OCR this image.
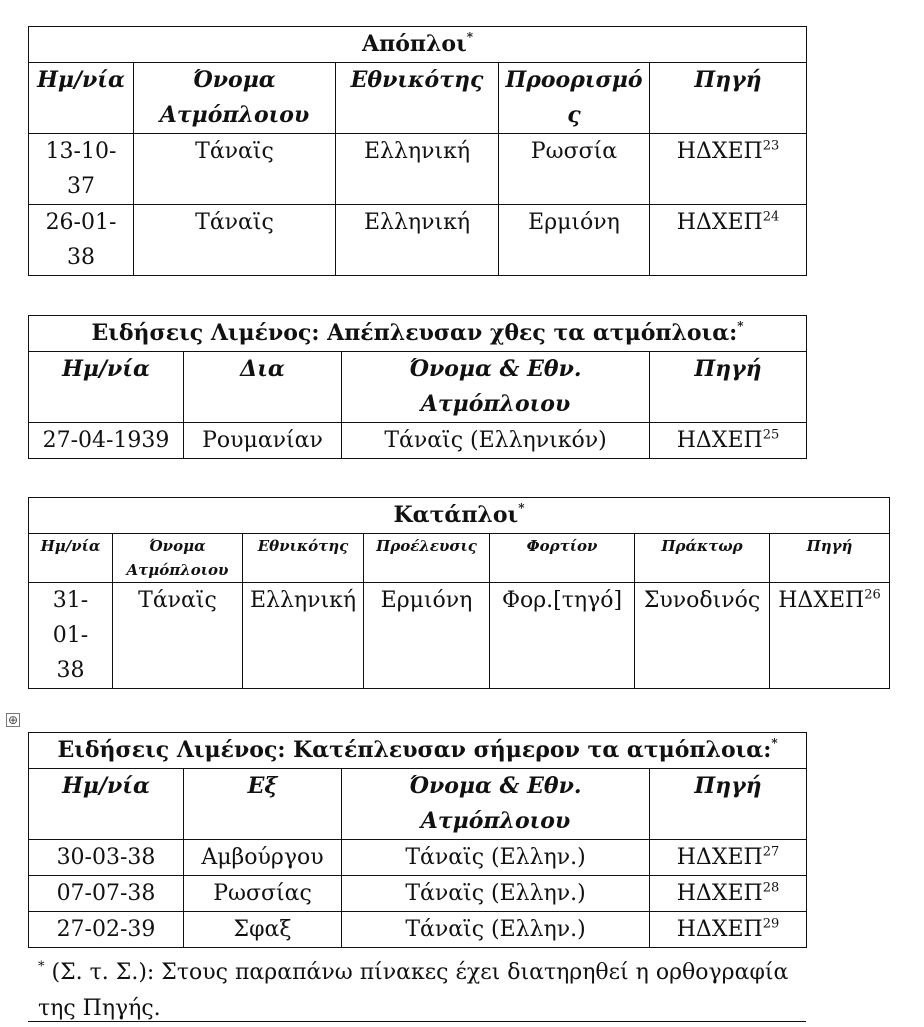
Απόπλοι*
Ημ/νία	Όνομα Ατμόπλοιου	Εθνικότης	Προορισμός	Πηγή
13-10-37	Τάναϊς	Ελληνική	Ρωσσία	ΗΔΧΕΠ$^{23}$
26-01-38	Τάναϊς	Ελληνική	Ερμιόνη	ΗΔΧΕΠ$^{24}$
Ειδήσεις Λιμένος: Απέπλευσαν χθες τα ατμόπλοια:*
Ημ/νία	Δια	Όνομα & Εθν. Ατμόπλοιου	Πηγή
27-04-1939	Ρουμανίαν	Τάναϊς (Ελληνικόν)	ΗΔΧΕΠ$^{25}$
Κατάπλοι*
Ημ/νία	Όνομα Ατμόπλοιου	Εθνικότης	Προέλευσις	Φορτίον	Πράκτωρ	Πηγή
31-01-38	Τάναϊς	Ελληνική	Ερμιόνη	Φορ.[τηγό]	Συνοδινός	ΗΔΧΕΠ$^{26}$
⊕
Ειδήσεις Λιμένος: Κατέπλευσαν σήμερον τα ατμόπλοια:*
Ημ/νία	Εξ	Όνομα & Εθν. Ατμόπλοιου	Πηγή
30-03-38	Αμβούργου	Τάναϊς (Ελλην.)	ΗΔΧΕΠ$^{27}$
07-07-38	Ρωσσίας	Τάναϊς (Ελλην.)	ΗΔΧΕΠ$^{28}$
27-02-39	Σφαξ	Τάναϊς (Ελλην.)	ΗΔΧΕΠ$^{29}$
* (Σ. τ. Σ.): Στους παραπάνω πίνακες έχει διατηρηθεί η ορθογραφία της Πηγής.
